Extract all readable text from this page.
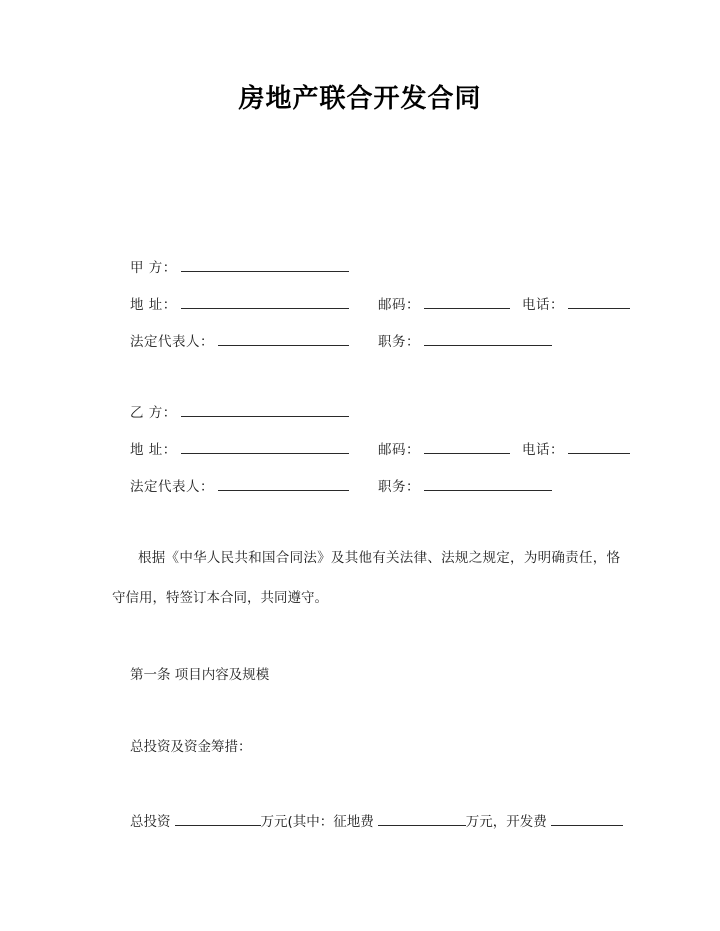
房地产联合开发合同
甲 方：
地 址：	邮码：	电话：
法定代表人：	职务：
乙 方：
地 址：	邮码：	电话：
法定代表人：	职务：
根据《中华人民共和国合同法》及其他有关法律、法规之规定，为明确责任，恪守信用，特签订本合同，共同遵守。
第一条 项目内容及规模
总投资及资金筹措：
总投资	万元(其中：征地费	万元，开发费
